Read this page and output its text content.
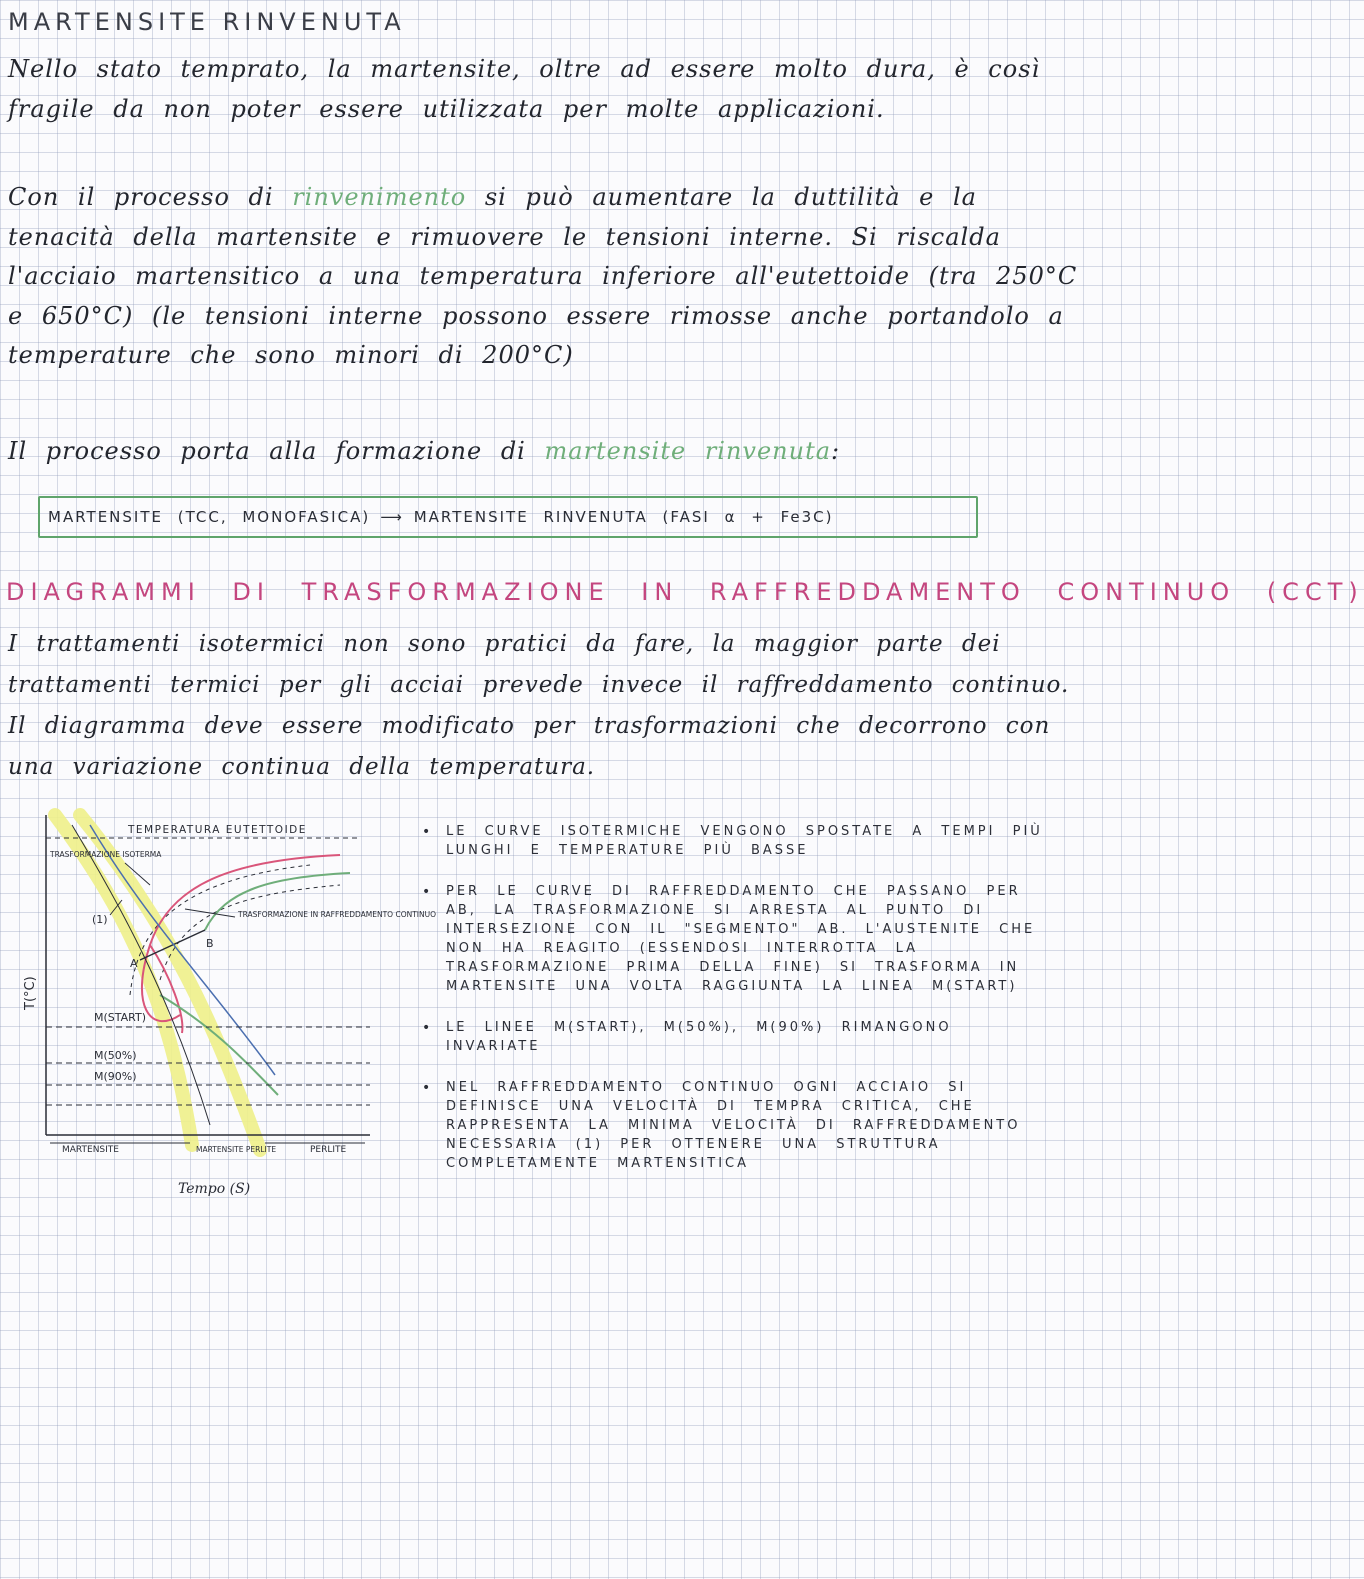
MARTENSITE RINVENUTA

Nello stato temprato, la martensite, oltre ad essere molto dura, è così fragile da non poter essere utilizzata per molte applicazioni.

Con il processo di rinvenimento si può aumentare la duttilità e la tenacità della martensite e rimuovere le tensioni interne. Si riscalda l'acciaio martensitico a una temperatura inferiore all'eutettoide (tra 250°C e 650°C) (le tensioni interne possono essere rimosse anche portandolo a temperature che sono minori di 200°C)

Il processo porta alla formazione di martensite rinvenuta:

MARTENSITE (TCC, MONOFASICA) ⟶ MARTENSITE RINVENUTA (FASI α + Fe3C)
DIAGRAMMI DI TRASFORMAZIONE IN RAFFREDDAMENTO CONTINUO (CCT)

I trattamenti isotermici non sono pratici da fare, la maggior parte dei trattamenti termici per gli acciai prevede invece il raffreddamento continuo. Il diagramma deve essere modificato per trasformazioni che decorrono con una variazione continua della temperatura.

TEMPERATURA EUTETTOIDE
TRASFORMAZIONE ISOTERMA
TRASFORMAZIONE IN RAFFREDDAMENTO CONTINUO
(1)
A
B
M(START)
M(50%)
M(90%)
MARTENSITE	MARTENSITE PERLITE	PERLITE
T(°C)
Tempo (S)
• LE CURVE ISOTERMICHE VENGONO SPOSTATE A TEMPI PIÙ LUNGHI E TEMPERATURE PIÙ BASSE
• PER LE CURVE DI RAFFREDDAMENTO CHE PASSANO PER AB, LA TRASFORMAZIONE SI ARRESTA AL PUNTO DI INTERSEZIONE CON IL "SEGMENTO" AB. L'AUSTENITE CHE NON HA REAGITO (ESSENDOSI INTERROTTA LA TRASFORMAZIONE PRIMA DELLA FINE) SI TRASFORMA IN MARTENSITE UNA VOLTA RAGGIUNTA LA LINEA M(START)
• LE LINEE M(START), M(50%), M(90%) RIMANGONO INVARIATE
• NEL RAFFREDDAMENTO CONTINUO OGNI ACCIAIO SI DEFINISCE UNA VELOCITÀ DI TEMPRA CRITICA, CHE RAPPRESENTA LA MINIMA VELOCITÀ DI RAFFREDDAMENTO NECESSARIA (1) PER OTTENERE UNA STRUTTURA COMPLETAMENTE MARTENSITICA
